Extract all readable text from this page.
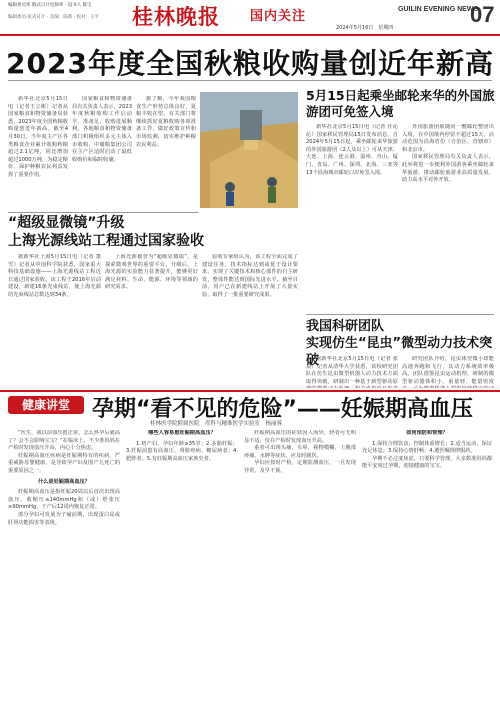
编辑委员率 熊式日计电频率 · 设书人 陈宝
编辑委员·张式日计 · 美编：陈新 · 校对：王平 桂林晚报 国内关注	GUILIN EVENING NEWS
07
2024年5月16日　星期四
2023年度全国秋粮收购量创近年新高

新华社北京5月15日电（记者王立彬）记者从国家粮食和物资储备局获悉，2023年度全国秋粮收购量创近年新高。截至4月30日，当年度主产区各类粮食企业累计收购秋粮超过2.1亿吨，同比增加超过1000万吨，为稳定粮价、保护种粮农民利益发挥了重要作用。

国家粮食和物资储备局有关负责人表示，2023年度秋粮收购工作启动早、准备足、收购进展顺利。各地粮食和物资储备部门积极组织多元主体入市收购，中储粮集团公司在主产区适时启动了最低收购价和临时收储。

据了解，今年我国粮食生产形势总体良好，夏粮丰收在望。有关部门将继续抓好夏粮收购各项准备工作，做好政策宣传和市场监测，切实维护种粮农民利益。

5月15日起乘坐邮轮来华的外国旅游团可免签入境

新华社北京5月15日电（记者 任沁沁）国家移民管理局15日发布消息，自2024年5月15日起，乘坐邮轮来华旅游的外国旅游团（2人及以上）可从天津、大连、上海、连云港、温州、舟山、厦门、青岛、广州、深圳、北海、三亚等13个沿海城市邮轮口岸免签入境。

外国旅游团须随同一艘邮轮整团出入境，在中国境内停留不超过15天，活动范围为沿海省份（自治区、直辖市）和北京市。

国家移民管理局有关负责人表示，此举将进一步便利外国游客乘坐邮轮来华旅游，推动邮轮旅游业高质量发展，助力高水平对外开放。

“超级显微镜”升级
上海光源线站工程通过国家验收

据新华社上海5月15日电（记者 董雪）记者从中国科学院获悉，国家重大科技基础设施——上海光源线站工程近日通过国家验收。该工程于2016年启动建设，新建16条光束线站，使上海光源的光束线站总数达到34条。

上海光源被誉为“超级显微镜”，是探索微观世界的重要平台。升级后，上海光源的实验能力显著提升，能够更好满足材料、生命、能源、环境等领域的研究需求。

验收专家组认为，该工程全面完成了建设任务，技术指标达到或优于设计要求，实现了关键技术和核心部件的自主研发，整体性能达到国际先进水平。截至目前，用户已在新建线站上开展了大量实验，取得了一批重要研究成果。

我国科研团队
实现仿生“昆虫”微型动力技术突破

据新华社北京5月15日电（记者 张泉）记者从清华大学获悉，该校研究团队在仿生昆虫微型机器人动力技术方面取得突破，研制出一种基于新型驱动原

研究团队介绍，昆虫体型微小却能高速奔跑和飞行，其动力系统效率极高。团队借鉴昆虫运动机理，研制的微型驱动器体积小、重量轻、能量密度

健康讲堂	孕期“看不见的危险”——妊娠期高血压
桂林医学院附属医院　産科与精准医学实验室　杨丽蓉

“医生，我以前血压挺正常，怎么怀孕后就高了？会不会影响宝宝？”在临床上，不少准妈妈在产检时发现血压升高，内心十分焦虑。

妊娠期高血压疾病是妊娠期特有的疾病，严重威胁母婴健康，是导致孕产妇及围产儿死亡的重要原因之一。

什么是妊娠期高血压？

妊娠期高血压是指妊娠20周以后首次出现高血压，收缩压≥140mmHg和（或）舒张压≥90mmHg，于产后12周内恢复正常。

部分孕妇可发展为子痫前期，出现蛋白尿或肝肾功能损害等表现。

哪些人容易患妊娠期高血压？

1.初产妇、孕妇年龄≥35岁；2.多胎妊娠；3.妊娠前患有高血压、肾脏疾病、糖尿病者；4.肥胖者；5.有妊娠期高血压家族史者。

妊娠期高血压的症状因人而异，轻者可无明显不适，仅在产检时发现血压升高。

重者可出现头痛、头晕、视物模糊、上腹部疼痛、水肿等症状，应及时就医。

孕妇应按时产检，定期监测血压，一旦发现异常，及早干预。

如何预防和管理？

1.保持合理饮食，控制体重增长；2.适当运动，保证充足休息；3.保持心情舒畅；4.遵医嘱规律服药。

孕期不必过度焦虑，只要科学管理，大多数准妈妈都能平安度过孕期，迎接健康的宝宝。
